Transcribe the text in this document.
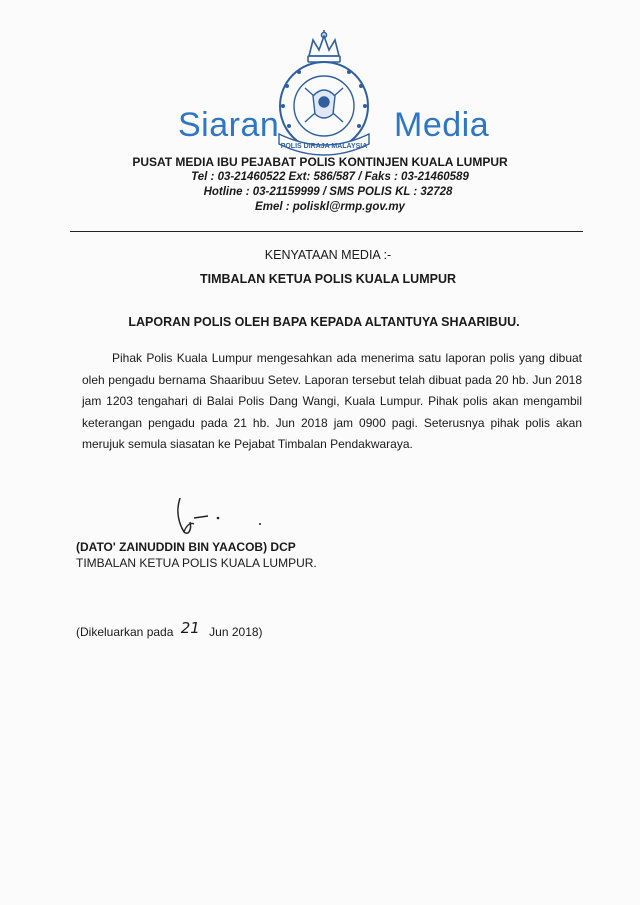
POLIS DIRAJA MALAYSIA
Siaran	Media
PUSAT MEDIA IBU PEJABAT POLIS KONTINJEN KUALA LUMPUR
Tel : 03-21460522 Ext: 586/587 / Faks : 03-21460589
Hotline : 03-21159999 / SMS POLIS KL : 32728
Emel : poliskl@rmp.gov.my
KENYATAAN MEDIA :-
TIMBALAN KETUA POLIS KUALA LUMPUR
LAPORAN POLIS OLEH BAPA KEPADA ALTANTUYA SHAARIBUU.
Pihak Polis Kuala Lumpur mengesahkan ada menerima satu laporan polis yang dibuat oleh pengadu bernama Shaaribuu Setev. Laporan tersebut telah dibuat pada 20 hb. Jun 2018 jam 1203 tengahari di Balai Polis Dang Wangi, Kuala Lumpur. Pihak polis akan mengambil keterangan pengadu pada 21 hb. Jun 2018 jam 0900 pagi. Seterusnya pihak polis akan merujuk semula siasatan ke Pejabat Timbalan Pendakwaraya.
(DATO' ZAINUDDIN BIN YAACOB) DCP
TIMBALAN KETUA POLIS KUALA LUMPUR.
(Dikeluarkan pada 21 Jun 2018)
